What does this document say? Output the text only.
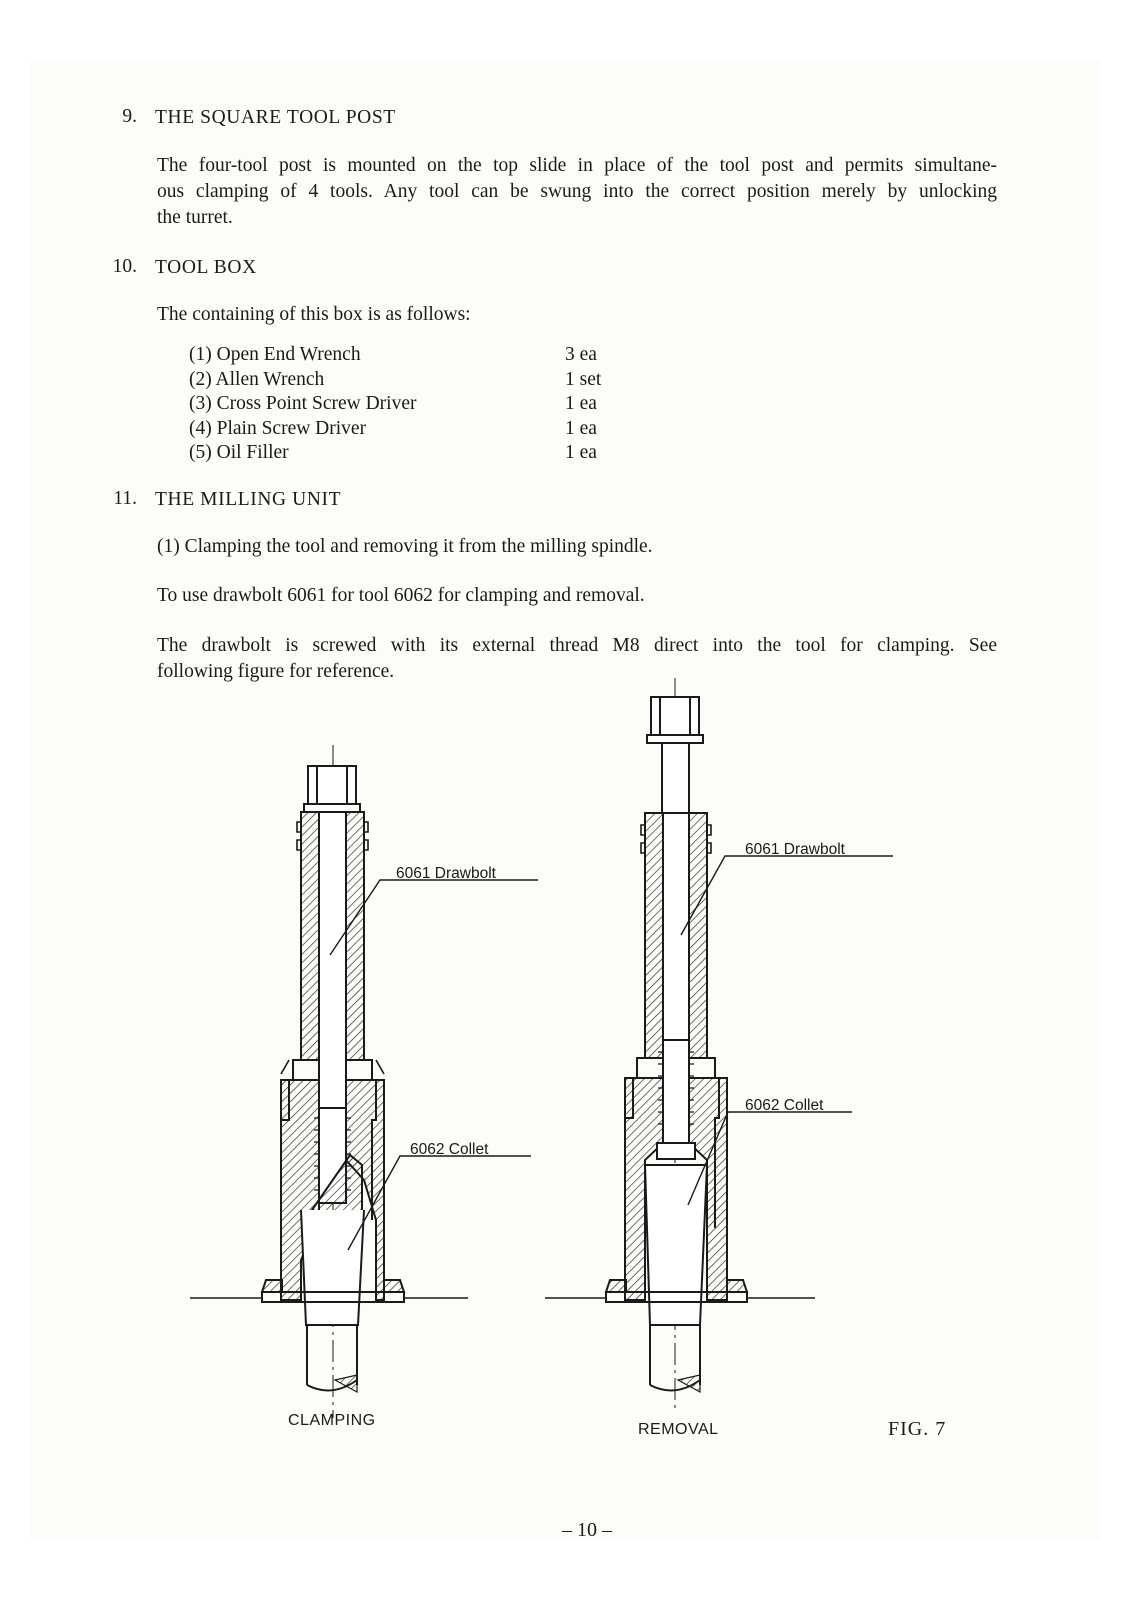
9. THE SQUARE TOOL POST
The four-tool post is mounted on the top slide in place of the tool post and permits simultane-
ous clamping of 4 tools. Any tool can be swung into the correct position merely by unlocking
the turret.
10. TOOL BOX
The containing of this box is as follows:
(1) Open End Wrench	3 ea
(2) Allen Wrench	1 set
(3) Cross Point Screw Driver	1 ea
(4) Plain Screw Driver	1 ea
(5) Oil Filler	1 ea
11. THE MILLING UNIT
(1) Clamping the tool and removing it from the milling spindle.
To use drawbolt 6061 for tool 6062 for clamping and removal.
The drawbolt is screwed with its external thread M8 direct into the tool for clamping. See
following figure for reference.
6061 Drawbolt
6062 Collet
6061 Drawbolt
6062 Collet
CLAMPING
REMOVAL	FIG. 7
– 10 –
